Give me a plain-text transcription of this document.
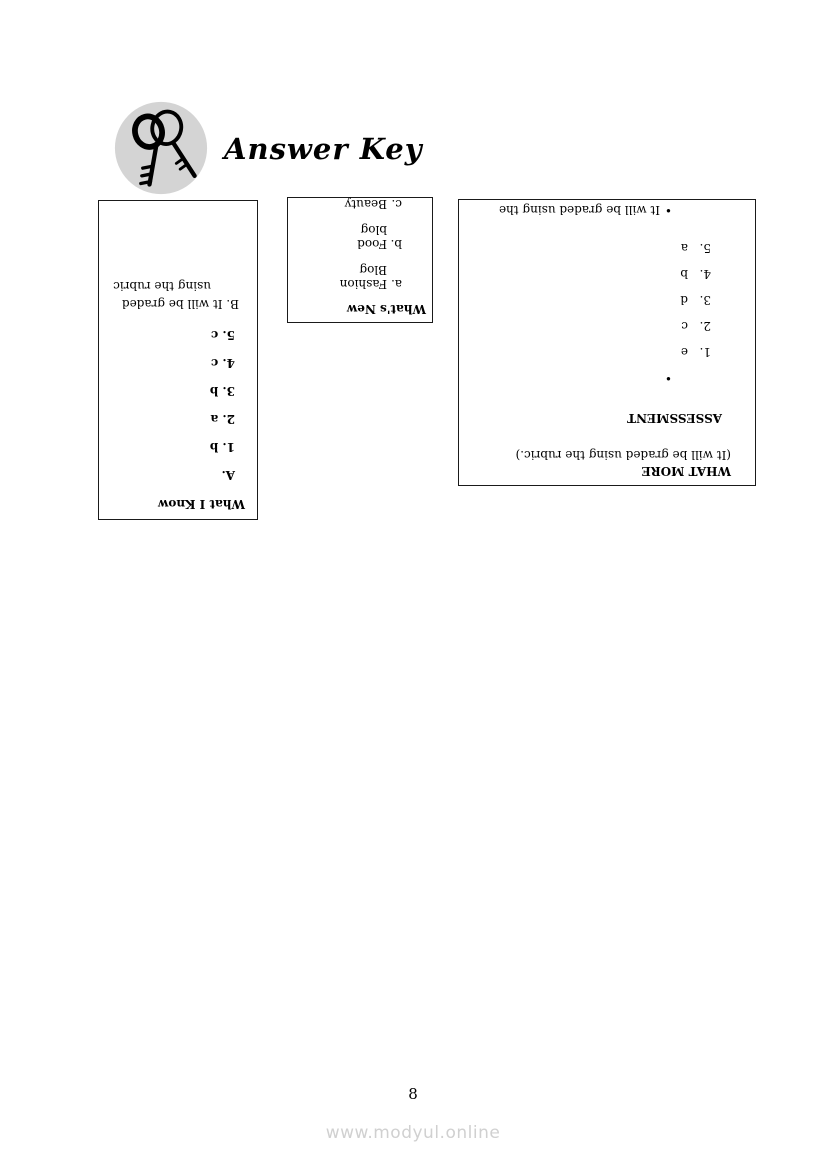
Answer Key
What I Know
A.
1. b
2. a
3. b
4. c
5. c
B. It will be graded
using the rubric
What's New
a.
Fashion
Blog
b.
Food
blog
c.
Beauty
WHAT MORE
(It will be graded using the rubric.)
ASSESSMENT
•
1.e
2.c
3.d
4.b
5.a
•It will be graded using the
8
www.modyul.online
